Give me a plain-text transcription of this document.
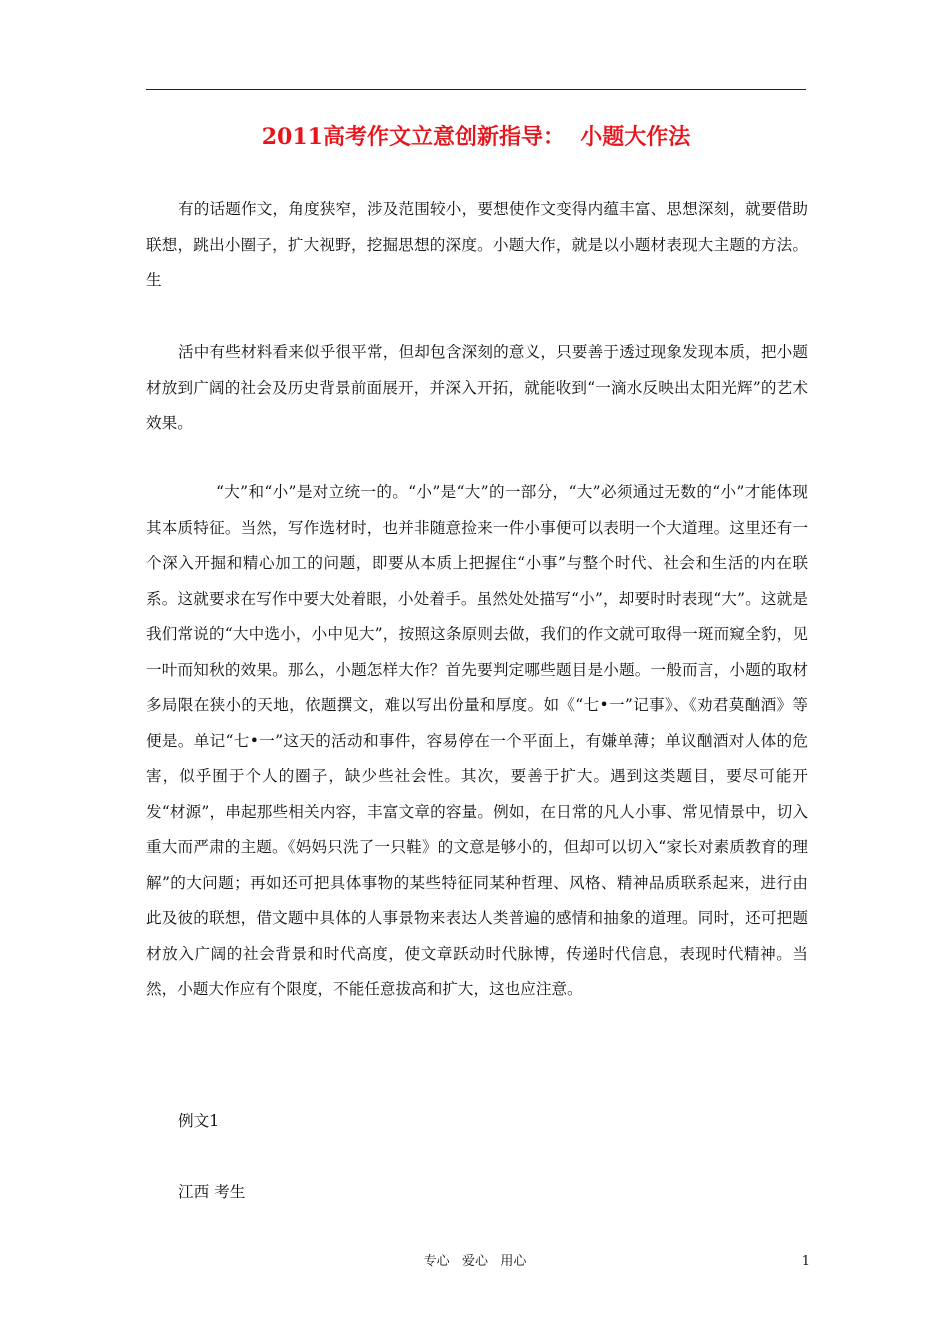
2011高考作文立意创新指导：  小题大作法

有的话题作文，角度狭窄，涉及范围较小，要想使作文变得内蕴丰富、思想深刻，就要借助联想，跳出小圈子，扩大视野，挖掘思想的深度。小题大作，就是以小题材表现大主题的方法。生

活中有些材料看来似乎很平常，但却包含深刻的意义，只要善于透过现象发现本质，把小题材放到广阔的社会及历史背景前面展开，并深入开拓，就能收到“一滴水反映出太阳光辉”的艺术效果。

“大”和“小”是对立统一的。“小”是“大”的一部分，“大”必须通过无数的“小”才能体现其本质特征。当然，写作选材时，也并非随意捡来一件小事便可以表明一个大道理。这里还有一个深入开掘和精心加工的问题，即要从本质上把握住“小事”与整个时代、社会和生活的内在联系。这就要求在写作中要大处着眼，小处着手。虽然处处描写“小”，却要时时表现“大”。这就是我们常说的“大中选小，小中见大”，按照这条原则去做，我们的作文就可取得一斑而窥全豹，见一叶而知秋的效果。那么，小题怎样大作？首先要判定哪些题目是小题。一般而言，小题的取材多局限在狭小的天地，依题撰文，难以写出份量和厚度。如《“七•一”记事》、《劝君莫酗酒》等便是。单记“七•一”这天的活动和事件，容易停在一个平面上，有嫌单薄；单议酗酒对人体的危害，似乎囿于个人的圈子，缺少些社会性。其次，要善于扩大。遇到这类题目，要尽可能开发“材源”，串起那些相关内容，丰富文章的容量。例如，在日常的凡人小事、常见情景中，切入重大而严肃的主题。《妈妈只洗了一只鞋》的文意是够小的，但却可以切入“家长对素质教育的理解”的大问题；再如还可把具体事物的某些特征同某种哲理、风格、精神品质联系起来，进行由此及彼的联想，借文题中具体的人事景物来表达人类普遍的感情和抽象的道理。同时，还可把题材放入广阔的社会背景和时代高度，使文章跃动时代脉博，传递时代信息，表现时代精神。当然，小题大作应有个限度，不能任意拔高和扩大，这也应注意。

例文1

江西 考生

专心   爱心   用心	1
